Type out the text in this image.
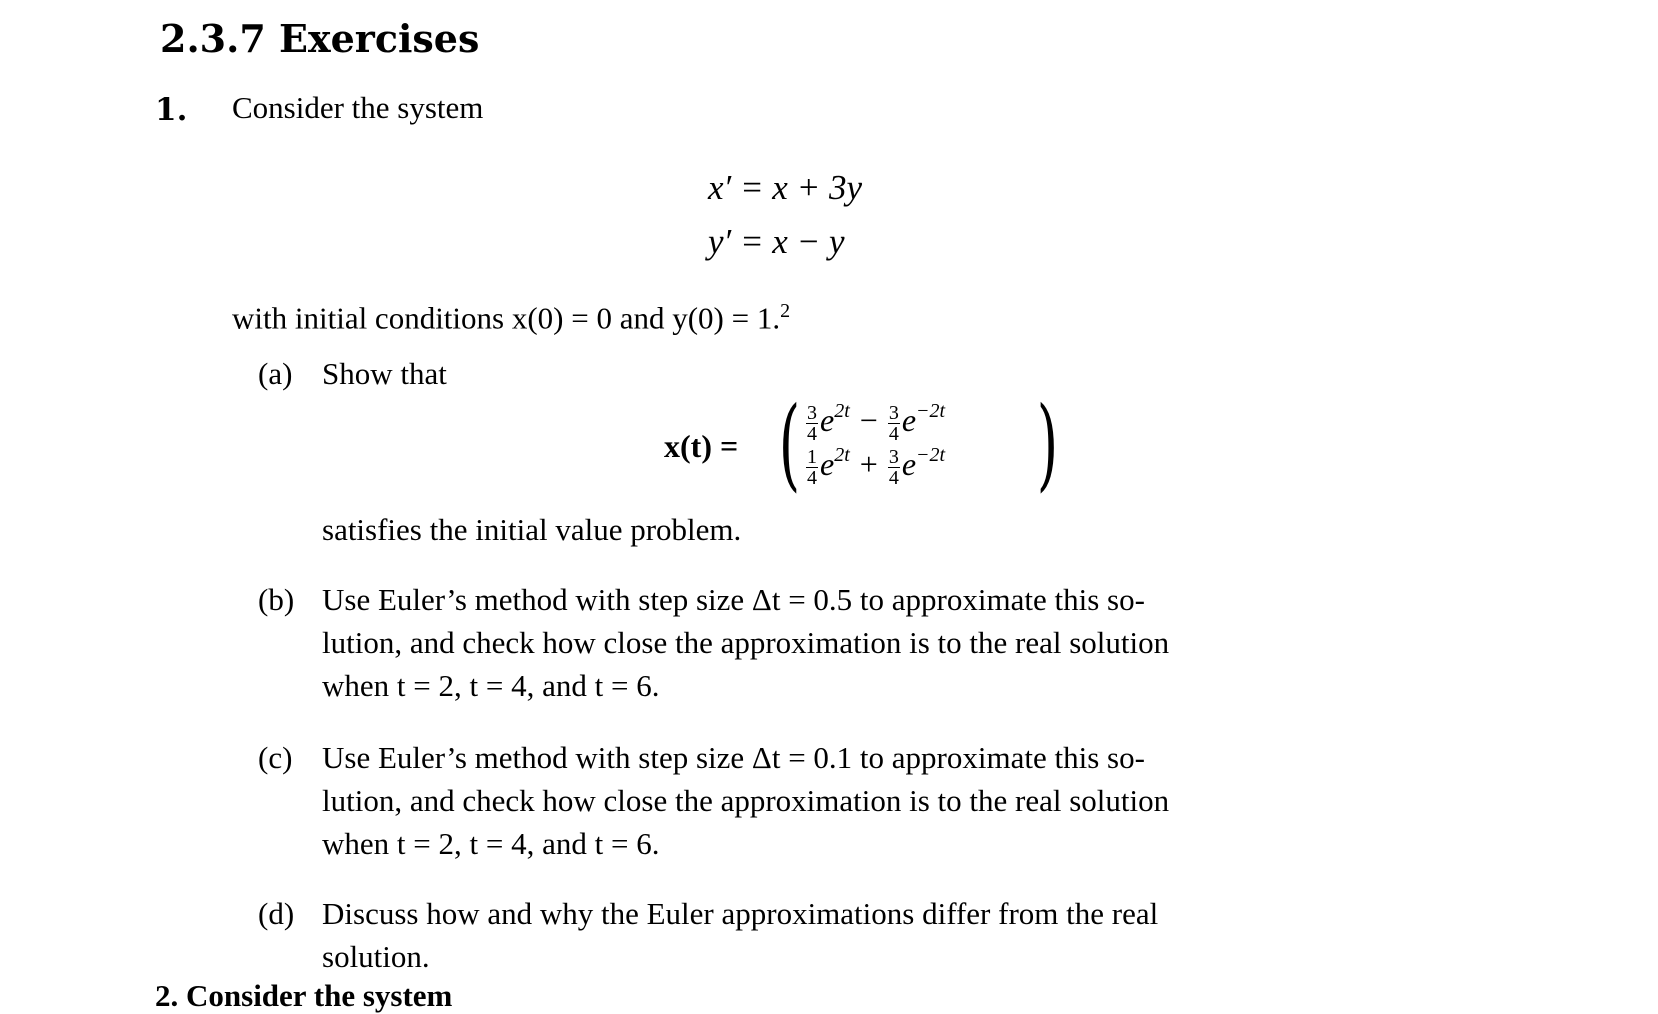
2.3.7 Exercises
1. Consider the system
x′ = x + 3y
y′ = x − y
with initial conditions x(0) = 0 and y(0) = 1.$^2$
(a) Show that
x(t) = ( $\frac{3}{4} e^{2t} - \frac{3}{4} e^{-2t}$
$\frac{1}{4} e^{2t} + \frac{3}{4} e^{-2t}$ )
satisfies the initial value problem.
(b) Use Euler’s method with step size Δt = 0.5 to approximate this so-
lution, and check how close the approximation is to the real solution
when t = 2, t = 4, and t = 6.
(c) Use Euler’s method with step size Δt = 0.1 to approximate this so-
lution, and check how close the approximation is to the real solution
when t = 2, t = 4, and t = 6.
(d) Discuss how and why the Euler approximations differ from the real
solution.
2. Consider the system
